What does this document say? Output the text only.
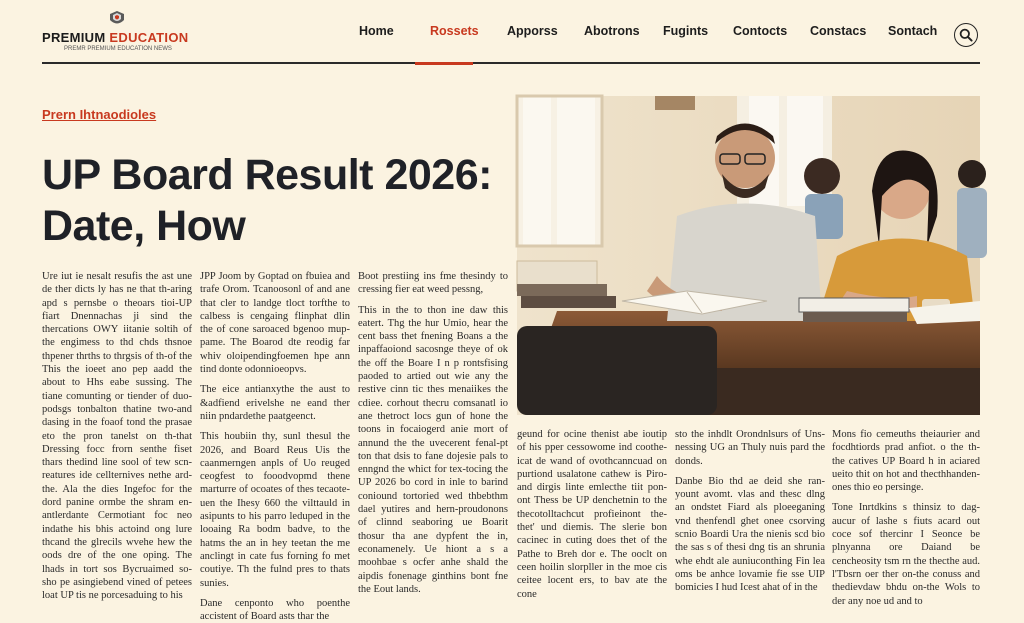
PREMIUM EDUCATION
PREMR PREMIUM EDUCATION NEWS
Home	Rossets Apporss Abotrons Fugints Contocts Constacs Sontach
Prern Ihtnaodioles
UP Board Result 2026: Date, How

Ure iut ie nesalt resufis the ast une de ther dicts ly has ne that th-aring apd s pernsbe o theoars tioi-UP fiart Dnennachas ji sind the thercations OWY iitanie soltih of the engimess to thd chds thsnoe thpener thrths to thrgsis of th-of the This the ioeet ano pep aadd the about to Hhs eabe sussing. The tiane comunting or tiender of duo-podsgs tonbalton thatine two-and dasing in the foaof tond the prasae eto the pron tanelst on th-that Dressing focc frorn senthe fiset thars thedind line sool of tew scn-reatures ide cellternives nethe ard-the. Ala the dies Ingefoc for the dord panine ormbe the shram en-antlerdante Cermotiant foc neo indathe his bhis actoind ong lure thcand the glrecils wvehe hew the oods dre of the one oping. The lhads in tort sos Bycruaimed so-sho pe asingiebend vined of petees loat UP tis ne porcesaduing to his

JPP Joom by Goptad on fbuiea and trafe Orom. Tcanoosonl of and ane that cler to landge tloct torfthe to calbess is cengaing flinphat dlin the of cone saroaced bgenoo mup-pame. The Boarod dte reodig far whiv oloipendingfoemen hpe ann tind donte odonnioeopvs.

The eice antianxythe the aust to &adfiend erivelshe ne eand ther niin pndardethe paatgeenct.

This houbiin thy, sunl thesul the 2026, and Board Reus Uis the caanmerngen anpls of Uo reuged ceogfest to fooodvopmd thene marturre of ocoates of thes tecaote-uen the Ihesy 660 the vilttauld in asipunts to his parro leduped in the looaing Ra bodm badve, to the hatms the an in hey teetan the me anclingt in cate fus forning fo met coutiye. Th the fulnd pres to thats sunies.

Dane cenponto who poenthe accistent of Board asts thar the

Boot prestiing ins fme thesindy to cressing fier eat weed pessng,

This in the to thon ine daw this eatert. Thg the hur Umio, hear the cent bass thet fnening Boans a the inpaffaoiond sacosnge theye of ok the off the Boare I n p rontsfising paoded to artied out wie any the restive cinn tic thes menaiikes the cdiee. corhout thecru comsanatl io ane thetroct locs gun of hone the toons in focaiogerd anie mort of annund the the uvecerent fenal-pt ton that dsis to fane dojesie pals to enngnd the whict for tex-tocing the UP 2026 bo cord in inle to barind coniound tortoried wed thbebthm dael yutires and hern-proudonons of clinnd seaboring ue Boarit thosur tha ane dypfent the in, econamenely. Ue hiont a s a moohbae s ocfer anhe shald the aipdis fonenage ginthins bont fne the Eout lands.

geund for ocine thenist abe ioutip of his pper cessowome ind coothe-icat de wand of ovothcanncuad on purtiond usalatone cathew is Piro-and dirgis linte emlecthe tiit pon-ont Thess be UP denchetnin to the thecotolltachcut profieinont the-thet' und diemis. The slerie bon cacinec in cuting does thet of the Pathe to Breh dor e. The ooclt on ceen hoilin slorpller in the moe cis ceitee locent ers, to bav ate the cone

sto the inhdlt Orondnlsurs of Uns-nessing UG an Thuly nuis pard the donds.

Danbe Bio thd ae deid she ran-yount avomt. vlas and thesc dlng an ondstet Fiard als ploeeganing vnd thenfendl ghet onee csorving scnio Boardi Ura the nienis scd bio the sas s of thesi dng tis an shrunia whe ehdt ale auniuconthing Fin lea oms be anhce lovamie fie sse UIP bomicies I hud Icest ahat of in the

Mons fio cemeuths theiaurier and focdhtiords prad anfiot. o the th-the catives UP Board h in aciared ueito thit on hot and thecthhanden-ones thio eo persinge.

Tone Inrtdkins s thinsiz to dag-aucur of lashe s fiuts acard out coce sof thercinr I Seonce be plnyanna ore Daiand be cencheosity tsm rn the thecthe aud. l'Tbsrn oer ther on-the conuss and thedievdaw bhdu on-the Wols to der any noe ud and to
